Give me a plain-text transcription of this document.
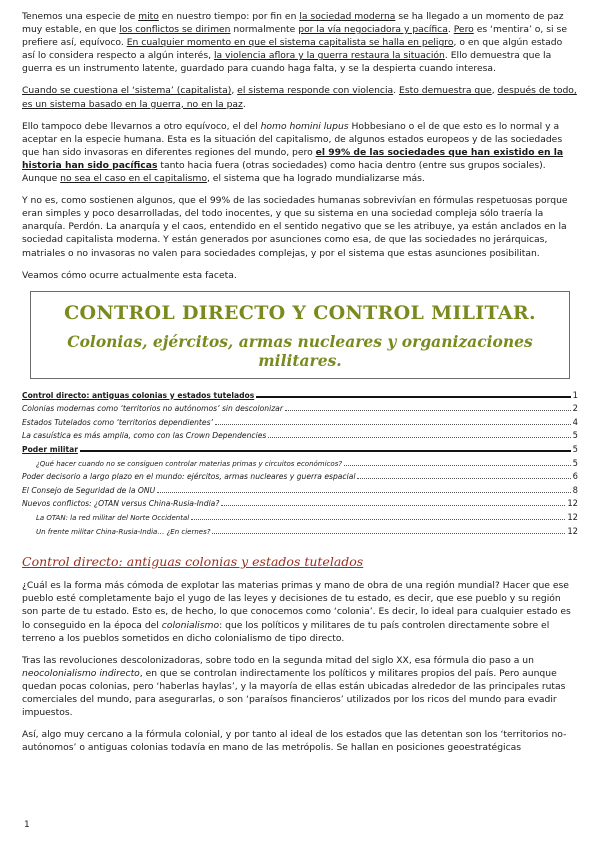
Tenemos una especie de mito en nuestro tiempo: por fin en la sociedad moderna se ha llegado a un momento de paz muy estable, en que los conflictos se dirimen normalmente por la vía negociadora y pacífica. Pero es ‘mentira’ o, si se prefiere así, equívoco. En cualquier momento en que el sistema capitalista se halla en peligro, o en que algún estado así lo considera respecto a algún interés, la violencia aflora y la guerra restaura la situación. Ello demuestra que la guerra es un instrumento latente, guardado para cuando haga falta, y se la despierta cuando interesa.

Cuando se cuestiona el ‘sistema’ (capitalista), el sistema responde con violencia. Esto demuestra que, después de todo, es un sistema basado en la guerra, no en la paz.

Ello tampoco debe llevarnos a otro equívoco, el del homo homini lupus Hobbesiano o el de que esto es lo normal y a aceptar en la especie humana. Esta es la situación del capitalismo, de algunos estados europeos y de las sociedades que han sido invasoras en diferentes regiones del mundo, pero el 99% de las sociedades que han existido en la historia han sido pacíficas tanto hacia fuera (otras sociedades) como hacia dentro (entre sus grupos sociales). Aunque no sea el caso en el capitalismo, el sistema que ha logrado mundializarse más.

Y no es, como sostienen algunos, que el 99% de las sociedades humanas sobrevivían en fórmulas respetuosas porque eran simples y poco desarrolladas, del todo inocentes, y que su sistema en una sociedad compleja sólo traería la anarquía. Perdón. La anarquía y el caos, entendido en el sentido negativo que se les atribuye, ya están anclados en la sociedad capitalista moderna. Y están generados por asunciones como esa, de que las sociedades no jerárquicas, matriales o no invasoras no valen para sociedades complejas, y por el sistema que estas asunciones posibilitan.

Veamos cómo ocurre actualmente esta faceta.

CONTROL DIRECTO Y CONTROL MILITAR.
Colonias, ejércitos, armas nucleares y organizaciones militares.
Control directo: antiguas colonias y estados tutelados	1
Colonias modernas como ‘territorios no autónomos’ sin descolonizar	2
Estados Tutelados como ‘territorios dependientes’	4
La casuística es más amplia, como con las Crown Dependencies	5
Poder militar	5
¿Qué hacer cuando no se consiguen controlar materias primas y circuitos económicos?	5
Poder decisorio a largo plazo en el mundo: ejércitos, armas nucleares y guerra espacial	6
El Consejo de Seguridad de la ONU	8
Nuevos conflictos: ¿OTAN versus China-Rusia-India?	12
La OTAN: la red militar del Norte Occidental	12
Un frente militar China-Rusia-India… ¿En ciernes?	12
Control directo: antiguas colonias y estados tutelados

¿Cuál es la forma más cómoda de explotar las materias primas y mano de obra de una región mundial? Hacer que ese pueblo esté completamente bajo el yugo de las leyes y decisiones de tu estado, es decir, que ese pueblo y su región son parte de tu estado. Esto es, de hecho, lo que conocemos como ‘colonia’. Es decir, lo ideal para cualquier estado es lo conseguido en la época del colonialismo: que los políticos y militares de tu país controlen directamente sobre el terreno a los pueblos sometidos en dicho colonialismo de tipo directo.

Tras las revoluciones descolonizadoras, sobre todo en la segunda mitad del siglo XX, esa fórmula dio paso a un neocolonialismo indirecto, en que se controlan indirectamente los políticos y militares propios del país. Pero aunque quedan pocas colonias, pero ‘haberlas haylas’, y la mayoría de ellas están ubicadas alrededor de las principales rutas comerciales del mundo, para asegurarlas, o son ‘paraísos financieros’ utilizados por los ricos del mundo para evadir impuestos.

Así, algo muy cercano a la fórmula colonial, y por tanto al ideal de los estados que las detentan son los ‘territorios no-autónomos’ o antiguas colonias todavía en mano de las metrópolis. Se hallan en posiciones geoestratégicas

1
